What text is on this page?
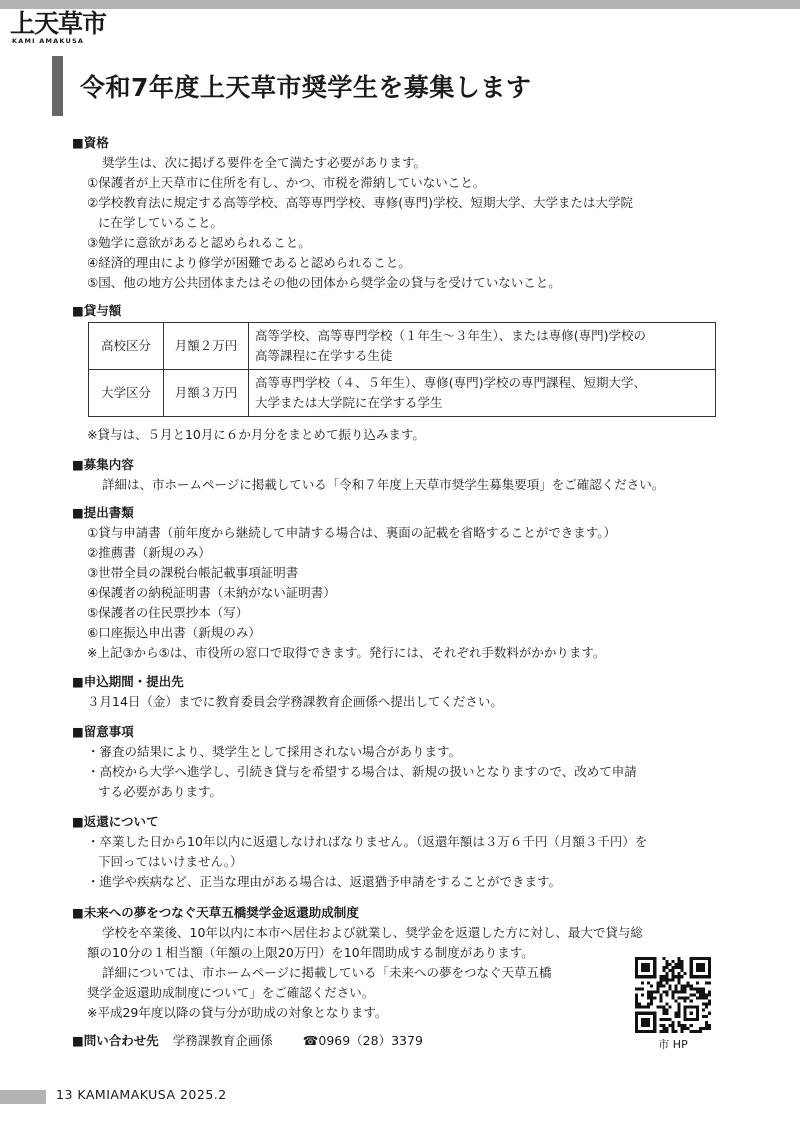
上天草市
KAMI AMAKUSA
令和7年度上天草市奨学生を募集します
■資格
奨学生は、次に掲げる要件を全て満たす必要があります。
①保護者が上天草市に住所を有し、かつ、市税を滞納していないこと。
②学校教育法に規定する高等学校、高等専門学校、専修(専門)学校、短期大学、大学または大学院
に在学していること。
③勉学に意欲があると認められること。
④経済的理由により修学が困難であると認められること。
⑤国、他の地方公共団体またはその他の団体から奨学金の貸与を受けていないこと。
■貸与額
高校区分	月額２万円	高等学校、高等専門学校（１年生～３年生）、または専修(専門)学校の
高等課程に在学する生徒

大学区分	月額３万円	高等専門学校（４、５年生）、専修(専門)学校の専門課程、短期大学、
大学または大学院に在学する学生
※貸与は、５月と10月に６か月分をまとめて振り込みます。
■募集内容
詳細は、市ホームページに掲載している「令和７年度上天草市奨学生募集要項」をご確認ください。
■提出書類
①貸与申請書（前年度から継続して申請する場合は、裏面の記載を省略することができます。）
②推薦書（新規のみ）
③世帯全員の課税台帳記載事項証明書
④保護者の納税証明書（未納がない証明書）
⑤保護者の住民票抄本（写）
⑥口座振込申出書（新規のみ）
※上記③から⑤は、市役所の窓口で取得できます。発行には、それぞれ手数料がかかります。
■申込期間・提出先
３月14日（金）までに教育委員会学務課教育企画係へ提出してください。
■留意事項
・審査の結果により、奨学生として採用されない場合があります。
・高校から大学へ進学し、引続き貸与を希望する場合は、新規の扱いとなりますので、改めて申請
する必要があります。
■返還について
・卒業した日から10年以内に返還しなければなりません。（返還年額は３万６千円（月額３千円）を
下回ってはいけません。）
・進学や疾病など、正当な理由がある場合は、返還猶予申請をすることができます。
■未来への夢をつなぐ天草五橋奨学金返還助成制度
学校を卒業後、10年以内に本市へ居住および就業し、奨学金を返還した方に対し、最大で貸与総
額の10分の１相当額（年額の上限20万円）を10年間助成する制度があります。
詳細については、市ホームページに掲載している「未来への夢をつなぐ天草五橋
奨学金返還助成制度について」をご確認ください。
※平成29年度以降の貸与分が助成の対象となります。
■問い合わせ先 学務課教育企画係 ☎0969（28）3379	市 HP
13 KAMIAMAKUSA 2025.2
